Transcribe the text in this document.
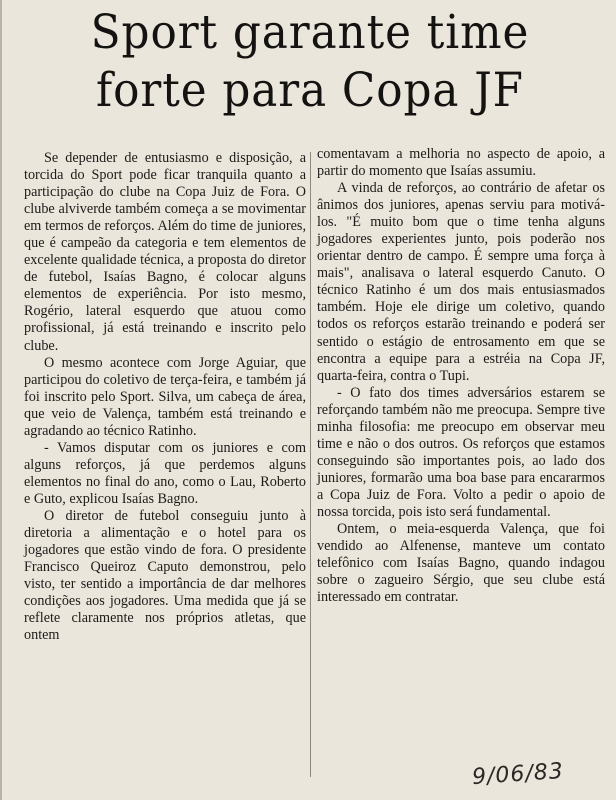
Sport garante time
forte para Copa JF

Se depender de entusiasmo e disposição, a torcida do Sport pode ficar tranquila quanto a participação do clube na Copa Juiz de Fora. O clube alviverde também começa a se movimentar em termos de reforços. Além do time de juniores, que é campeão da categoria e tem elementos de excelente qualidade técnica, a proposta do diretor de futebol, Isaías Bagno, é colocar alguns elementos de experiência. Por isto mesmo, Rogério, lateral esquerdo que atuou como profissional, já está treinando e inscrito pelo clube.

O mesmo acontece com Jorge Aguiar, que participou do coletivo de terça-feira, e também já foi inscrito pelo Sport. Silva, um cabeça de área, que veio de Valença, também está treinando e agradando ao técnico Ratinho.

- Vamos disputar com os juniores e com alguns reforços, já que perdemos alguns elementos no final do ano, como o Lau, Roberto e Guto, explicou Isaías Bagno.

O diretor de futebol conseguiu junto à diretoria a alimentação e o hotel para os jogadores que estão vindo de fora. O presidente Francisco Queiroz Caputo demonstrou, pelo visto, ter sentido a importância de dar melhores condições aos jogadores. Uma medida que já se reflete claramente nos próprios atletas, que ontem

comentavam a melhoria no aspecto de apoio, a partir do momento que Isaías assumiu.

A vinda de reforços, ao contrário de afetar os ânimos dos juniores, apenas serviu para motivá-los. "É muito bom que o time tenha alguns jogadores experientes junto, pois poderão nos orientar dentro de campo. É sempre uma força à mais", analisava o lateral esquerdo Canuto. O técnico Ratinho é um dos mais entusiasmados também. Hoje ele dirige um coletivo, quando todos os reforços estarão treinando e poderá ser sentido o estágio de entrosamento em que se encontra a equipe para a estréia na Copa JF, quarta-feira, contra o Tupi.

- O fato dos times adversários estarem se reforçando também não me preocupa. Sempre tive minha filosofia: me preocupo em observar meu time e não o dos outros. Os reforços que estamos conseguindo são importantes pois, ao lado dos juniores, formarão uma boa base para encararmos a Copa Juiz de Fora. Volto a pedir o apoio de nossa torcida, pois isto será fundamental.

Ontem, o meia-esquerda Valença, que foi vendido ao Alfenense, manteve um contato telefônico com Isaías Bagno, quando indagou sobre o zagueiro Sérgio, que seu clube está interessado em contratar.

9/06/83
